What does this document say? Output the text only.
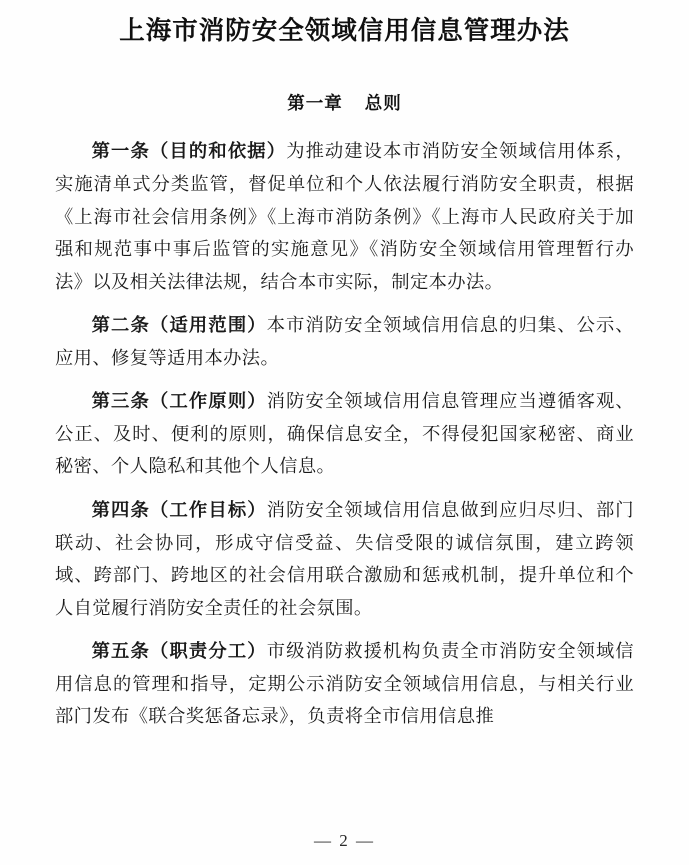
上海市消防安全领域信用信息管理办法
第一章 总则

第一条（目的和依据）为推动建设本市消防安全领域信用体系，实施清单式分类监管，督促单位和个人依法履行消防安全职责，根据《上海市社会信用条例》《上海市消防条例》《上海市人民政府关于加强和规范事中事后监管的实施意见》《消防安全领域信用管理暂行办法》以及相关法律法规，结合本市实际，制定本办法。

第二条（适用范围）本市消防安全领域信用信息的归集、公示、应用、修复等适用本办法。

第三条（工作原则）消防安全领域信用信息管理应当遵循客观、公正、及时、便利的原则，确保信息安全，不得侵犯国家秘密、商业秘密、个人隐私和其他个人信息。

第四条（工作目标）消防安全领域信用信息做到应归尽归、部门联动、社会协同，形成守信受益、失信受限的诚信氛围，建立跨领域、跨部门、跨地区的社会信用联合激励和惩戒机制，提升单位和个人自觉履行消防安全责任的社会氛围。

第五条（职责分工）市级消防救援机构负责全市消防安全领域信用信息的管理和指导，定期公示消防安全领域信用信息，与相关行业部门发布《联合奖惩备忘录》，负责将全市信用信息推

— 2 —
